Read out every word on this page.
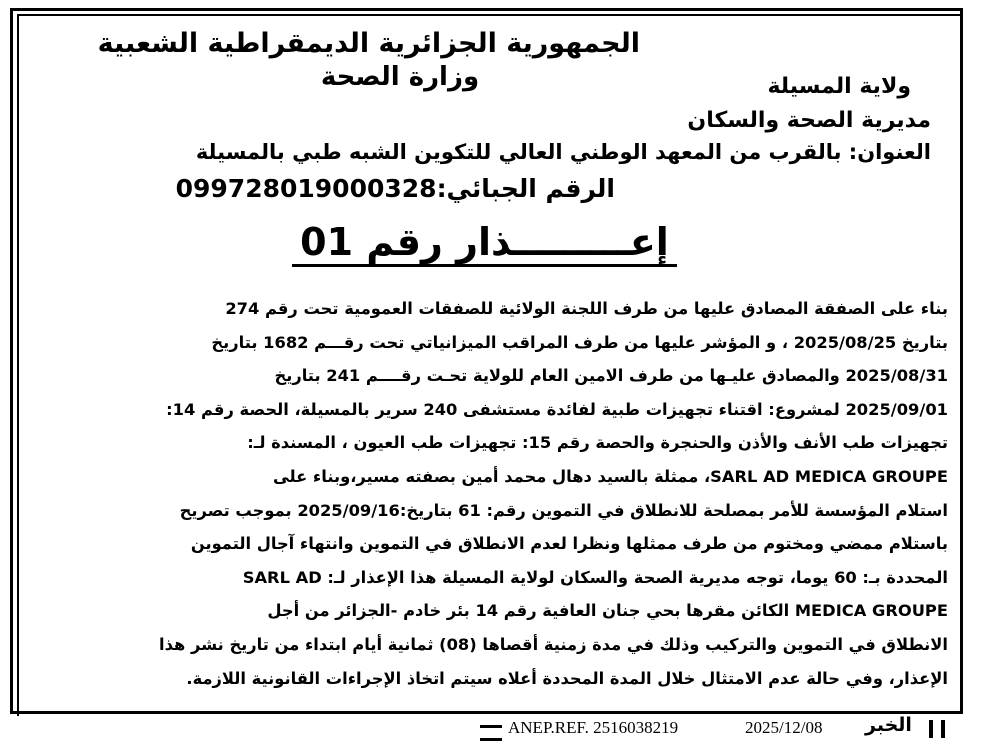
الجمهورية الجزائرية الديمقراطية الشعبية
وزارة الصحة	ولاية المسيلة
مديرية الصحة والسكان
العنوان: بالقرب من المعهد الوطني العالي للتكوين الشبه طبي بالمسيلة
الرقم الجبائي:099728019000328
إعـــــــــذار رقم 01

بناء على الصفقة المصادق عليها من طرف اللجنة الولائية للصفقات العمومية تحت رقم 274

بتاريخ 2025/08/25 ، و المؤشر عليها من طرف المراقب الميزانياتي تحت رقـــم 1682 بتاريخ

2025/08/31 والمصادق عليـها من طرف الامين العام للولاية تحـت رقــــم 241 بتاريخ

2025/09/01 لمشروع: اقتناء تجهيزات طبية لفائدة مستشفى 240 سرير بالمسيلة، الحصة رقم 14:

تجهيزات طب الأنف والأذن والحنجرة والحصة رقم 15: تجهيزات طب العيون ، المسندة لـ:

SARL AD MEDICA GROUPE، ممثلة بالسيد دهال محمد أمين بصفته مسير،وبناء على

استلام المؤسسة للأمر بمصلحة للانطلاق في التموين رقم: 61 بتاريخ:2025/09/16 بموجب تصريح

باستلام ممضي ومختوم من طرف ممثلها ونظرا لعدم الانطلاق في التموين وانتهاء آجال التموين

المحددة بـ: 60 يوما، توجه مديرية الصحة والسكان لولاية المسيلة هذا الإعذار لـ: SARL AD

MEDICA GROUPE الكائن مقرها بحي جنان العافية رقم 14 بئر خادم -الجزائر من أجل

الانطلاق في التموين والتركيب وذلك في مدة زمنية أقصاها (08) ثمانية أيام ابتداء من تاريخ نشر هذا

الإعذار، وفي حالة عدم الامتثال خلال المدة المحددة أعلاه سيتم اتخاذ الإجراءات القانونية اللازمة.

ANEP.REF. 2516038219	2025/12/08 الخبر
